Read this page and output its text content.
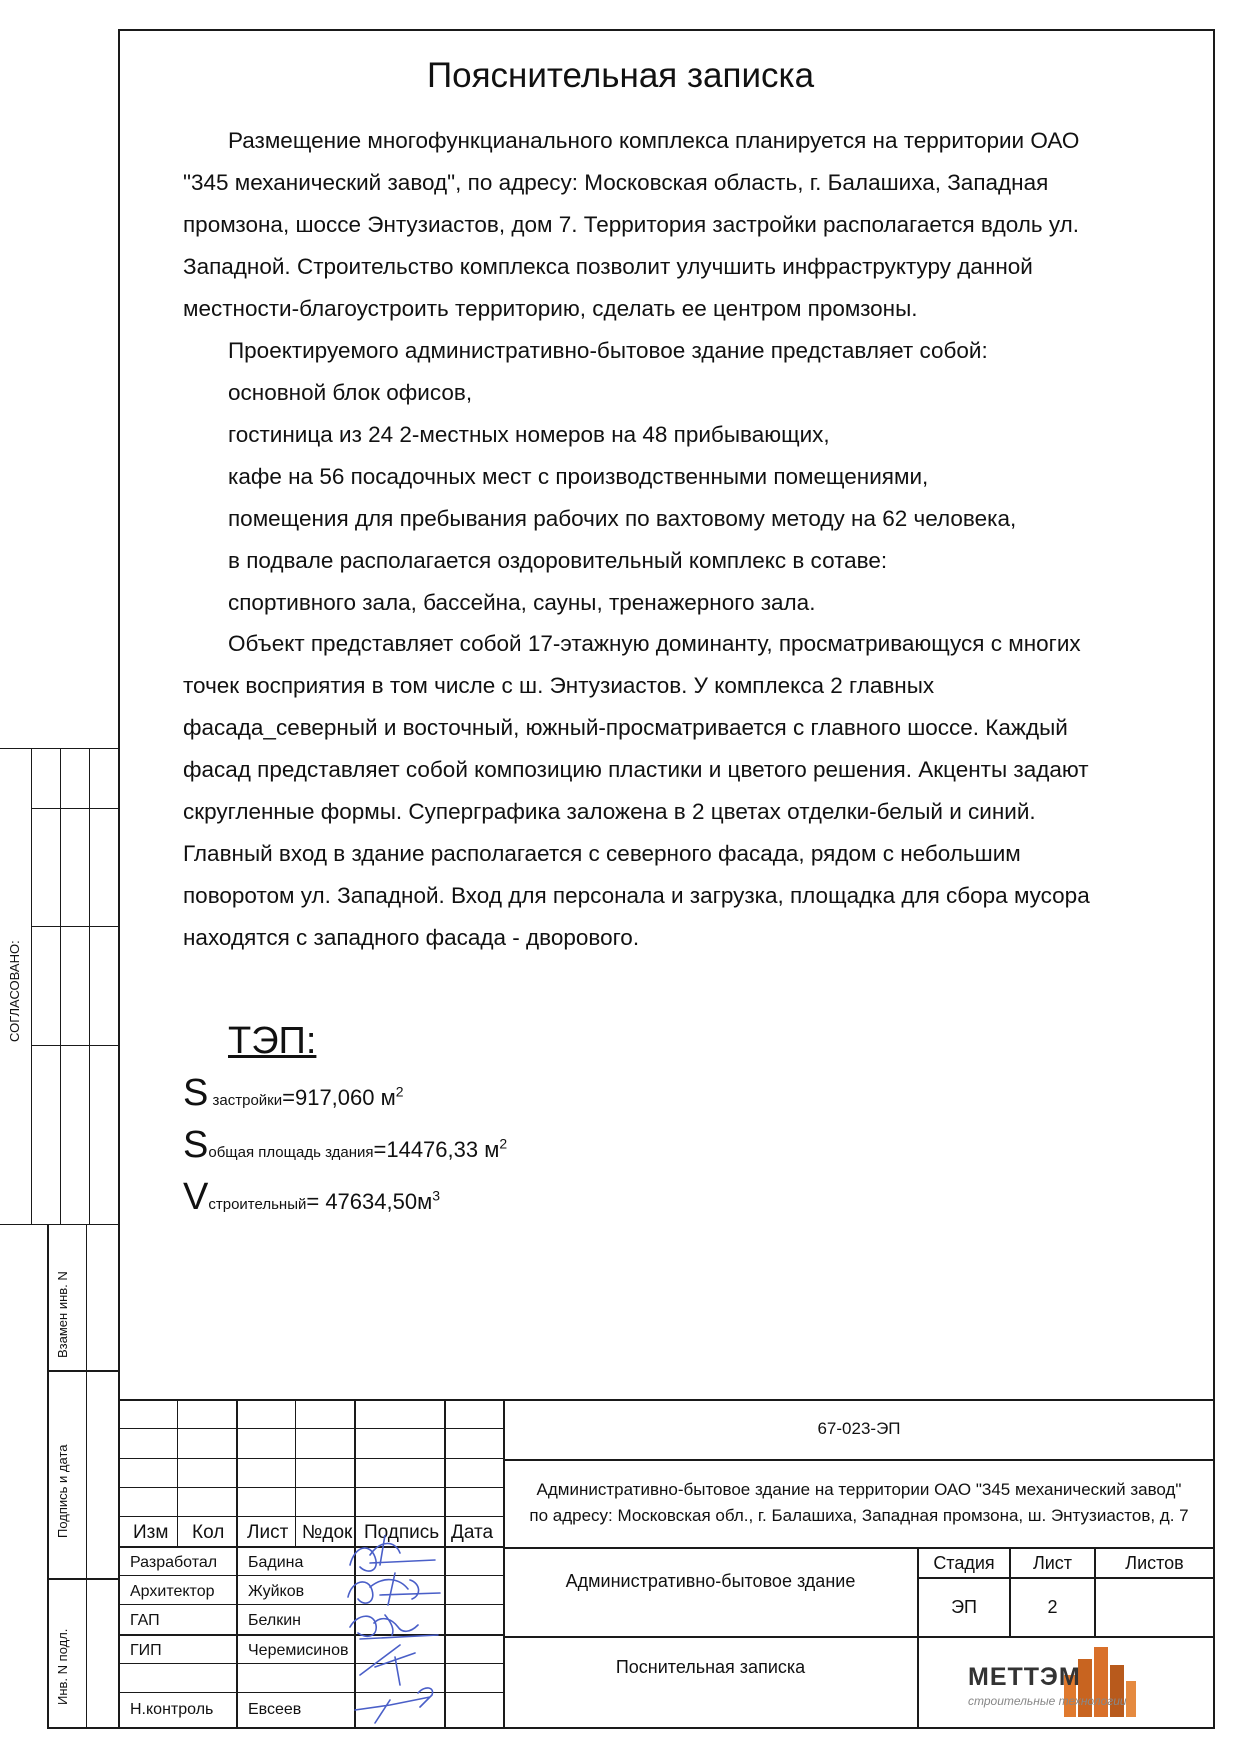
СОГЛАСОВАНО:
Взамен инв. N
Подпись и дата
Инв. N подл.
Пояснительная записка
Размещение многофункцианального комплекса планируется на территории ОАО
"345 механический завод", по адресу: Московская область, г. Балашиха, Западная
промзона, шоссе Энтузиастов, дом 7. Территория застройки располагается вдоль ул.
Западной. Строительство комплекса позволит улучшить инфраструктуру данной
местности-благоустроить территорию, сделать ее центром промзоны.
Проектируемого административно-бытовое здание представляет собой:
основной блок офисов,
гостиница из 24 2-местных номеров на 48 прибывающих,
кафе на 56 посадочных мест с производственными помещениями,
помещения для пребывания рабочих по вахтовому методу на 62 человека,
в подвале располагается оздоровительный комплекс в сотаве:
спортивного зала, бассейна, сауны, тренажерного зала.
Объект представляет собой 17-этажную доминанту, просматривающуся с многих
точек восприятия в том числе с ш. Энтузиастов. У комплекса 2 главных
фасада_северный и восточный, южный-просматривается с главного шоссе. Каждый
фасад представляет собой композицию пластики и цветого решения. Акценты задают
скругленные формы. Суперграфика заложена в 2 цветах отделки-белый и синий.
Главный вход в здание располагается с северного фасада, рядом с небольшим
поворотом ул. Западной. Вход для персонала и загрузка, площадка для сбора мусора
находятся с западного фасада - дворового.
ТЭП:
S застройки=917,060 $м^2$
Sобщая площадь здания=14476,33 $м^2$
Vстроительный= $47634,50м^3$
Изм Кол Лист №док Подпись Дата
Разработал Бадина
Архитектор Жуйков
ГАП	Белкин
ГИП	Черемисинов
Н.контроль Евсеев
67-023-ЭП
Административно-бытовое здание на территории ОАО "345 механический завод"
по адресу: Московская обл., г. Балашиха, Западная промзона, ш. Энтузиастов, д. 7
Административно-бытовое здание
Поснительная записка
Стадия	Лист	Листов
ЭП	2
МЕТТЭМ
строительные технологии
